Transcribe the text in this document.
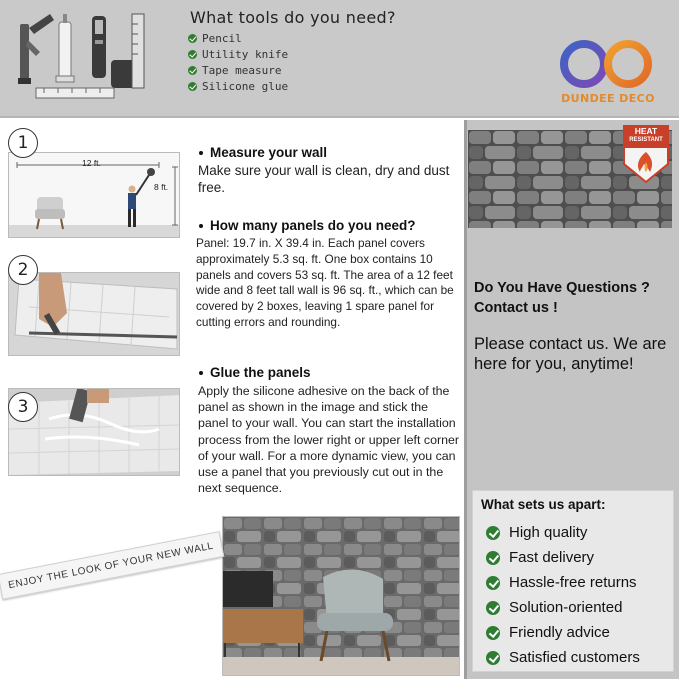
What tools do you need?
Pencil
Utility knife
Tape measure
Silicone glue
DUNDEE DECO
1
12 ft.
8 ft.
Measure your wall
Make sure your wall is clean, dry and dust free.
How many panels do you need?
Panel: 19.7 in. X 39.4 in. Each panel covers approximately 5.3 sq. ft. One box contains 10 panels and covers 53 sq. ft. The area of a 12 feet wide and 8 feet tall wall is 96 sq. ft., which can be covered by 2 boxes, leaving 1 spare panel for cutting errors and rounding.
2
Glue the panels
Apply the silicone adhesive on the back of the panel as shown in the image and stick the panel to your wall. You can start the installation process from the lower right or upper left corner of your wall. For a more dynamic view, you can use a panel that you previously cut out in the next sequence.
3
ENJOY THE LOOK OF YOUR NEW WALL
HEAT
RESISTANT
Do You Have Questions ? Contact us !
Please contact us. We are here for you, anytime!
What sets us apart:
High quality
Fast delivery
Hassle-free returns
Solution-oriented
Friendly advice
Satisfied customers
